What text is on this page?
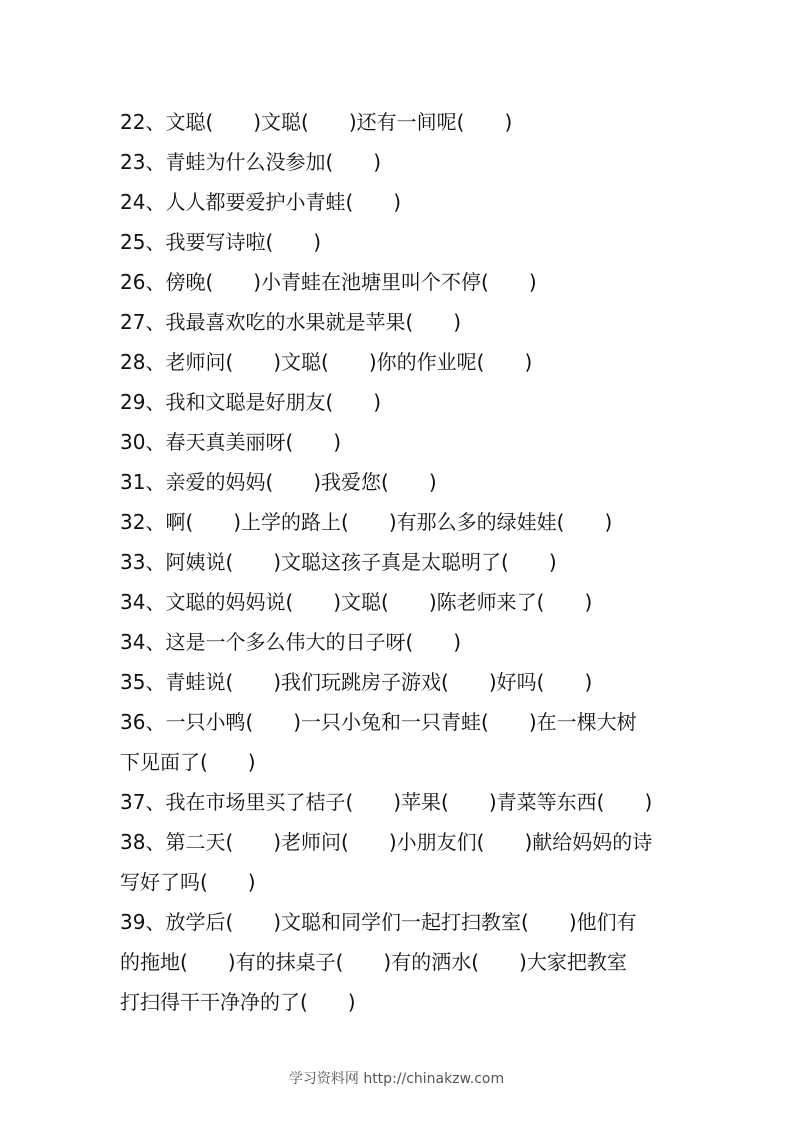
22、文聪(　　)文聪(　　)还有一间呢(　　)
23、青蛙为什么没参加(　　)
24、人人都要爱护小青蛙(　　)
25、我要写诗啦(　　)
26、傍晚(　　)小青蛙在池塘里叫个不停(　　)
27、我最喜欢吃的水果就是苹果(　　)
28、老师问(　　)文聪(　　)你的作业呢(　　)
29、我和文聪是好朋友(　　)
30、春天真美丽呀(　　)
31、亲爱的妈妈(　　)我爱您(　　)
32、啊(　　)上学的路上(　　)有那么多的绿娃娃(　　)
33、阿姨说(　　)文聪这孩子真是太聪明了(　　)
34、文聪的妈妈说(　　)文聪(　　)陈老师来了(　　)
34、这是一个多么伟大的日子呀(　　)
35、青蛙说(　　)我们玩跳房子游戏(　　)好吗(　　)
36、一只小鸭(　　)一只小兔和一只青蛙(　　)在一棵大树
下见面了(　　)
37、我在市场里买了桔子(　　)苹果(　　)青菜等东西(　　)
38、第二天(　　)老师问(　　)小朋友们(　　)献给妈妈的诗
写好了吗(　　)
39、放学后(　　)文聪和同学们一起打扫教室(　　)他们有
的拖地(　　)有的抹桌子(　　)有的洒水(　　)大家把教室
打扫得干干净净的了(　　)
学习资料网 http://chinakzw.com
